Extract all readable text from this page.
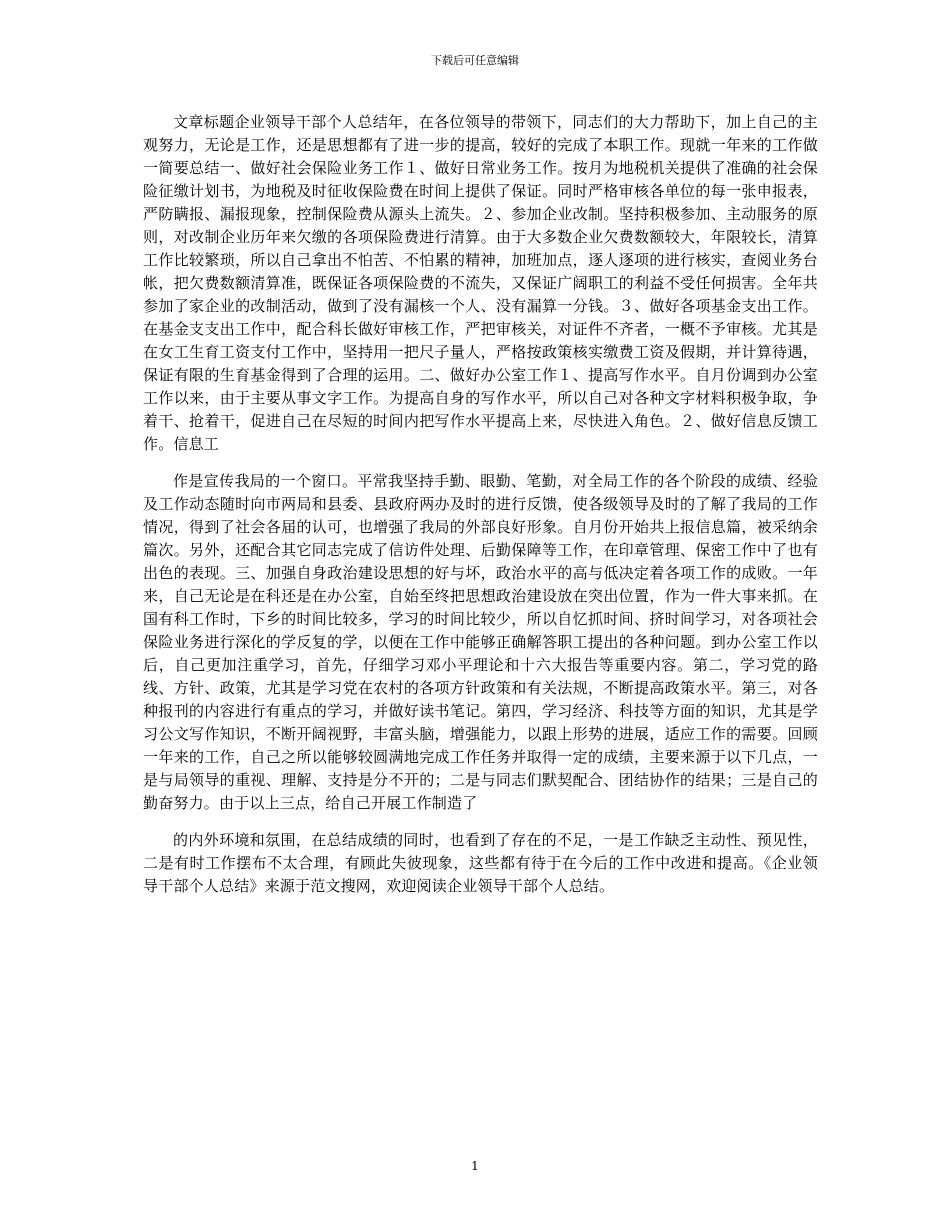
下载后可任意编辑

文章标题企业领导干部个人总结年，在各位领导的带领下，同志们的大力帮助下，加上自己的主观努力，无论是工作，还是思想都有了进一步的提高，较好的完成了本职工作。现就一年来的工作做一简要总结一、做好社会保险业务工作１、做好日常业务工作。按月为地税机关提供了准确的社会保险征缴计划书，为地税及时征收保险费在时间上提供了保证。同时严格审核各单位的每一张申报表，严防瞒报、漏报现象，控制保险费从源头上流失。２、参加企业改制。坚持积极参加、主动服务的原则，对改制企业历年来欠缴的各项保险费进行清算。由于大多数企业欠费数额较大，年限较长，清算工作比较繁琐，所以自己拿出不怕苦、不怕累的精神，加班加点，逐人逐项的进行核实，查阅业务台帐，把欠费数额清算准，既保证各项保险费的不流失，又保证广阔职工的利益不受任何损害。全年共参加了家企业的改制活动，做到了没有漏核一个人、没有漏算一分钱。３、做好各项基金支出工作。在基金支支出工作中，配合科长做好审核工作，严把审核关，对证件不齐者，一概不予审核。尤其是在女工生育工资支付工作中，坚持用一把尺子量人，严格按政策核实缴费工资及假期，并计算待遇，保证有限的生育基金得到了合理的运用。二、做好办公室工作１、提高写作水平。自月份调到办公室工作以来，由于主要从事文字工作。为提高自身的写作水平，所以自己对各种文字材料积极争取，争着干、抢着干，促进自己在尽短的时间内把写作水平提高上来，尽快进入角色。２、做好信息反馈工作。信息工

作是宣传我局的一个窗口。平常我坚持手勤、眼勤、笔勤，对全局工作的各个阶段的成绩、经验及工作动态随时向市两局和县委、县政府两办及时的进行反馈，使各级领导及时的了解了我局的工作情况，得到了社会各届的认可，也增强了我局的外部良好形象。自月份开始共上报信息篇，被采纳余篇次。另外，还配合其它同志完成了信访件处理、后勤保障等工作，在印章管理、保密工作中了也有出色的表现。三、加强自身政治建设思想的好与坏，政治水平的高与低决定着各项工作的成败。一年来，自己无论是在科还是在办公室，自始至终把思想政治建设放在突出位置，作为一件大事来抓。在国有科工作时，下乡的时间比较多，学习的时间比较少，所以自忆抓时间、挤时间学习，对各项社会保险业务进行深化的学反复的学，以便在工作中能够正确解答职工提出的各种问题。到办公室工作以后，自己更加注重学习，首先，仔细学习邓小平理论和十六大报告等重要内容。第二，学习党的路线、方针、政策，尤其是学习党在农村的各项方针政策和有关法规，不断提高政策水平。第三，对各种报刊的内容进行有重点的学习，并做好读书笔记。第四，学习经济、科技等方面的知识，尤其是学习公文写作知识，不断开阔视野，丰富头脑，增强能力，以跟上形势的进展，适应工作的需要。回顾一年来的工作，自己之所以能够较圆满地完成工作任务并取得一定的成绩，主要来源于以下几点，一是与局领导的重视、理解、支持是分不开的；二是与同志们默契配合、团结协作的结果；三是自己的勤奋努力。由于以上三点，给自己开展工作制造了

的内外环境和氛围，在总结成绩的同时，也看到了存在的不足，一是工作缺乏主动性、预见性，二是有时工作摆布不太合理，有顾此失彼现象，这些都有待于在今后的工作中改进和提高。《企业领导干部个人总结》来源于范文搜网，欢迎阅读企业领导干部个人总结。

1
